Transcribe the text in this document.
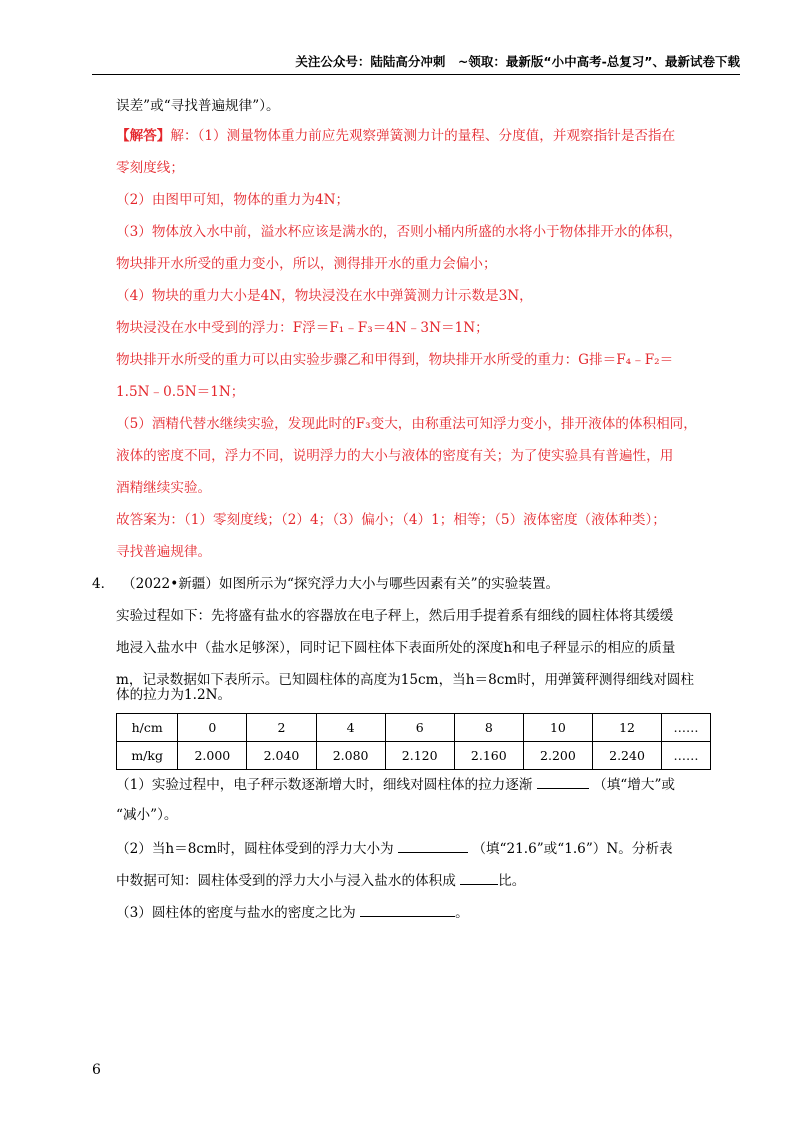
关注公众号：陆陆高分冲刺　~领取：最新版“小中高考-总复习”、最新试卷下载
误差”或“寻找普遍规律”）。
【解答】解：（1）测量物体重力前应先观察弹簧测力计的量程、分度值，并观察指针是否指在
零刻度线；
（2）由图甲可知，物体的重力为4N；
（3）物体放入水中前，溢水杯应该是满水的，否则小桶内所盛的水将小于物体排开水的体积，
物块排开水所受的重力变小，所以，测得排开水的重力会偏小；
（4）物块的重力大小是4N，物块浸没在水中弹簧测力计示数是3N，
物块浸没在水中受到的浮力：F浮＝F₁﹣F₃＝4N﹣3N＝1N；
物块排开水所受的重力可以由实验步骤乙和甲得到，物块排开水所受的重力：G排＝F₄﹣F₂＝
1.5N﹣0.5N＝1N；
（5）酒精代替水继续实验，发现此时的F₃变大，由称重法可知浮力变小，排开液体的体积相同，
液体的密度不同，浮力不同，说明浮力的大小与液体的密度有关；为了使实验具有普遍性，用
酒精继续实验。
故答案为：（1）零刻度线；（2）4；（3）偏小；（4）1；相等；（5）液体密度（液体种类）；
寻找普遍规律。
4． （2022•新疆）如图所示为“探究浮力大小与哪些因素有关”的实验装置。
实验过程如下：先将盛有盐水的容器放在电子秤上，然后用手提着系有细线的圆柱体将其缓缓
地浸入盐水中（盐水足够深），同时记下圆柱体下表面所处的深度h和电子秤显示的相应的质量
m，记录数据如下表所示。已知圆柱体的高度为15cm，当h＝8cm时，用弹簧秤测得细线对圆柱
体的拉力为1.2N。
h/cm	0	2	4	6	8	10	12	……
m/kg	2.000	2.040	2.080	2.120	2.160	2.200	2.240	……
（1）实验过程中，电子秤示数逐渐增大时，细线对圆柱体的拉力逐渐	（填“增大”或
“减小”）。
（2）当h＝8cm时，圆柱体受到的浮力大小为	（填“21.6”或“1.6”）N。分析表
中数据可知：圆柱体受到的浮力大小与浸入盐水的体积成	比。
（3）圆柱体的密度与盐水的密度之比为	。
6
